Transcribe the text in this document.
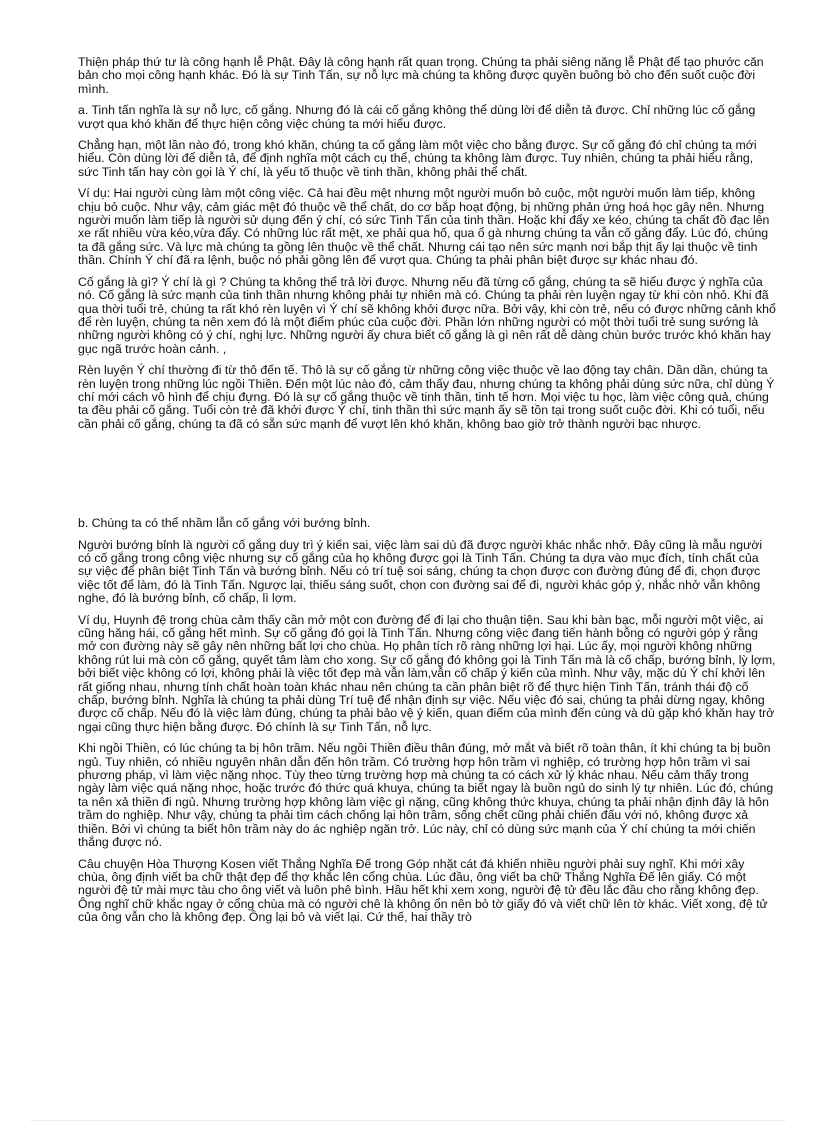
Thiện pháp thứ tư là công hạnh lễ Phật. Đây là công hạnh rất quan trọng. Chúng ta phải siêng năng lễ Phật để tạo phước căn bản cho mọi công hạnh khác. Đó là sự Tinh Tấn, sự nỗ lực mà chúng ta không được quyền buông bỏ cho đến suốt cuộc đời mình.

a. Tinh tấn nghĩa là sự nỗ lực, cố gắng. Nhưng đó là cái cố gắng không thể dùng lời để diễn tả được. Chỉ những lúc cố gắng vượt qua khó khăn để thực hiện công việc chúng ta mới hiểu được.

Chẳng hạn, một lần nào đó, trong khó khăn, chúng ta cố gắng làm một việc cho bằng được. Sự cố gắng đó chỉ chúng ta mới hiểu. Còn dùng lời để diễn tả, để định nghĩa một cách cụ thể, chúng ta không làm được. Tuy nhiên, chúng ta phải hiểu rằng, sức Tinh tấn hay còn gọi là Ý chí, là yếu tố thuộc về tinh thần, không phải thể chất.

Ví dụ: Hai người cùng làm một công việc. Cả hai đều mệt nhưng một người muốn bỏ cuộc, một người muốn làm tiếp, không chịu bỏ cuộc. Như vậy, cảm giác mệt đó thuộc về thể chất, do cơ bắp hoạt động, bị những phản ứng hoá học gây nên. Nhưng người muốn làm tiếp là người sử dụng đến ý chí, có sức Tinh Tấn của tinh thần. Hoặc khi đẩy xe kéo, chúng ta chất đồ đạc lên xe rất nhiều vừa kéo,vừa đẩy. Có những lúc rất mệt, xe phải qua hố, qua ổ gà nhưng chúng ta vẫn cố gắng đẩy. Lúc đó, chúng ta đã gắng sức. Và lực mà chúng ta gồng lên thuộc về thể chất. Nhưng cái tạo nên sức mạnh nơi bắp thịt ấy lại thuộc về tinh thần. Chính Ý chí đã ra lệnh, buộc nó phải gồng lên để vượt qua. Chúng ta phải phân biệt được sự khác nhau đó.

Cố gắng là gì? Ý chí là gì ? Chúng ta không thể trả lời được. Nhưng nếu đã từng cố gắng, chúng ta sẽ hiểu được ý nghĩa của nó. Cố gắng là sức mạnh của tinh thần nhưng không phải tự nhiên mà có. Chúng ta phải rèn luyện ngay từ khi còn nhỏ. Khi đã qua thời tuổi trẻ, chúng ta rất khó rèn luyện vì Ý chí sẽ không khởi được nữa. Bởi vậy, khi còn trẻ, nếu có được những cảnh khổ để rèn luyện, chúng ta nên xem đó là một điểm phúc của cuộc đời. Phần lớn những người có một thời tuổi trẻ sung sướng là những người không có ý chí, nghị lực. Những người ấy chưa biết cố gắng là gì nên rất dễ dàng chùn bước trước khó khăn hay gục ngã trước hoàn cảnh. ,

Rèn luyện Ý chí thường đi từ thô đến tế. Thô là sự cố gắng từ những công việc thuộc về lao động tay chân. Dần dần, chúng ta rèn luyện trong những lúc ngồi Thiền. Đến một lúc nào đó, cảm thấy đau, nhưng chúng ta không phải dùng sức nữa, chỉ dùng Ý chí mới cách vô hình để chịu đựng. Đó là sự cố gắng thuộc về tinh thần, tinh tế hơn. Mọi việc tu học, làm việc công quả, chúng ta đều phải cố gắng. Tuổi còn trẻ đã khởi được Ý chí, tinh thần thì sức mạnh ấy sẽ tồn tại trong suốt cuộc đời. Khi có tuổi, nếu cần phải cố gắng, chúng ta đã có sẵn sức mạnh để vượt lên khó khăn, không bao giờ trở thành người bạc nhược.

b. Chúng ta có thể nhầm lẫn cố gắng với bướng bỉnh.

Người bướng bỉnh là người cố gắng duy trì ý kiến sai, việc làm sai dù đã được người khác nhắc nhở. Đây cũng là mẫu người có cố gắng trong công việc nhưng sự cố gắng của họ không được gọi là Tinh Tấn. Chúng ta dựa vào mục đích, tính chất của sự việc để phân biệt Tinh Tấn và bướng bỉnh. Nếu có trí tuệ soi sáng, chúng ta chọn được con đường đúng để đi, chọn được việc tốt để làm, đó là Tinh Tấn. Ngược lại, thiếu sáng suốt, chọn con đường sai để đi, người khác góp ý, nhắc nhở vẫn không nghe, đó là bướng bỉnh, cố chấp, lì lợm.

Ví dụ, Huynh đệ trong chùa cảm thấy cần mở một con đường để đi lại cho thuận tiện. Sau khi bàn bạc, mỗi người một việc, ai cũng hăng hái, cố gắng hết mình. Sự cố gắng đó gọi là Tinh Tấn. Nhưng công việc đang tiến hành bỗng có người góp ý rằng mở con đường này sẽ gây nên những bất lợi cho chùa. Họ phân tích rõ ràng những lợi hại. Lúc ấy, mọi người không những không rút lui mà còn cố gắng, quyết tâm làm cho xong. Sự cố gắng đó không gọi là Tinh Tấn mà là cố chấp, bướng bỉnh, lỳ lợm, bởi biết việc không có lợi, không phải là việc tốt đẹp mà vẫn làm,vẫn cố chấp ý kiến của mình. Như vậy, mặc dù Ý chí khởi lên rất giống nhau, nhưng tính chất hoàn toàn khác nhau nên chúng ta cần phân biệt rõ để thực hiện Tinh Tấn, tránh thái độ cố chấp, bướng bỉnh. Nghĩa là chúng ta phải dùng Trí tuệ để nhận định sự việc. Nếu việc đó sai, chúng ta phải dừng ngay, không được cố chấp. Nếu đó là việc làm đúng, chúng ta phải bảo vệ ý kiến, quan điểm của mình đến cùng và dù gặp khó khăn hay trở ngại cũng thực hiện bằng được. Đó chính là sự Tinh Tấn, nỗ lực.

Khi ngồi Thiền, có lúc chúng ta bị hôn trầm. Nếu ngồi Thiền điều thân đúng, mở mắt và biết rõ toàn thân, ít khi chúng ta bị buồn ngủ. Tuy nhiên, có nhiều nguyên nhân dẫn đến hôn trầm. Có trường hợp hôn trầm vì nghiệp, có trường hợp hôn trầm vì sai phương pháp, vì làm việc nặng nhọc. Tùy theo từng trường hợp mà chúng ta có cách xử lý khác nhau. Nếu cảm thấy trong ngày làm việc quá nặng nhọc, hoặc trước đó thức quá khuya, chúng ta biết ngay là buồn ngủ do sinh lý tự nhiên. Lúc đó, chúng ta nên xả thiền đi ngủ. Nhưng trường hợp không làm việc gì nặng, cũng không thức khuya, chúng ta phải nhận định đây là hôn trầm do nghiệp. Như vậy, chúng ta phải tìm cách chống lại hôn trầm, sống chết cũng phải chiến đấu với nó, không được xả thiền. Bởi vì chúng ta biết hôn trầm này do ác nghiệp ngăn trở. Lúc này, chỉ có dùng sức mạnh của Ý chí chúng ta mới chiến thắng được nó.

Câu chuyện Hòa Thượng Kosen viết Thắng Nghĩa Đế trong Góp nhặt cát đá khiến nhiều người phải suy nghĩ. Khi mới xây chùa, ông định viết ba chữ thật đẹp để thợ khắc lên cổng chùa. Lúc đầu, ông viết ba chữ Thắng Nghĩa Đế lên giấy. Có một người đệ tử mài mực tàu cho ông viết và luôn phê bình. Hầu hết khi xem xong, người đệ tử đều lắc đầu cho rằng không đẹp. Ông nghĩ chữ khắc ngay ở cổng chùa mà có người chê là không ổn nên bỏ tờ giấy đó và viết chữ lên tờ khác. Viết xong, đệ tử của ông vẫn cho là không đẹp. Ông lại bỏ và viết lại. Cứ thế, hai thầy trò
